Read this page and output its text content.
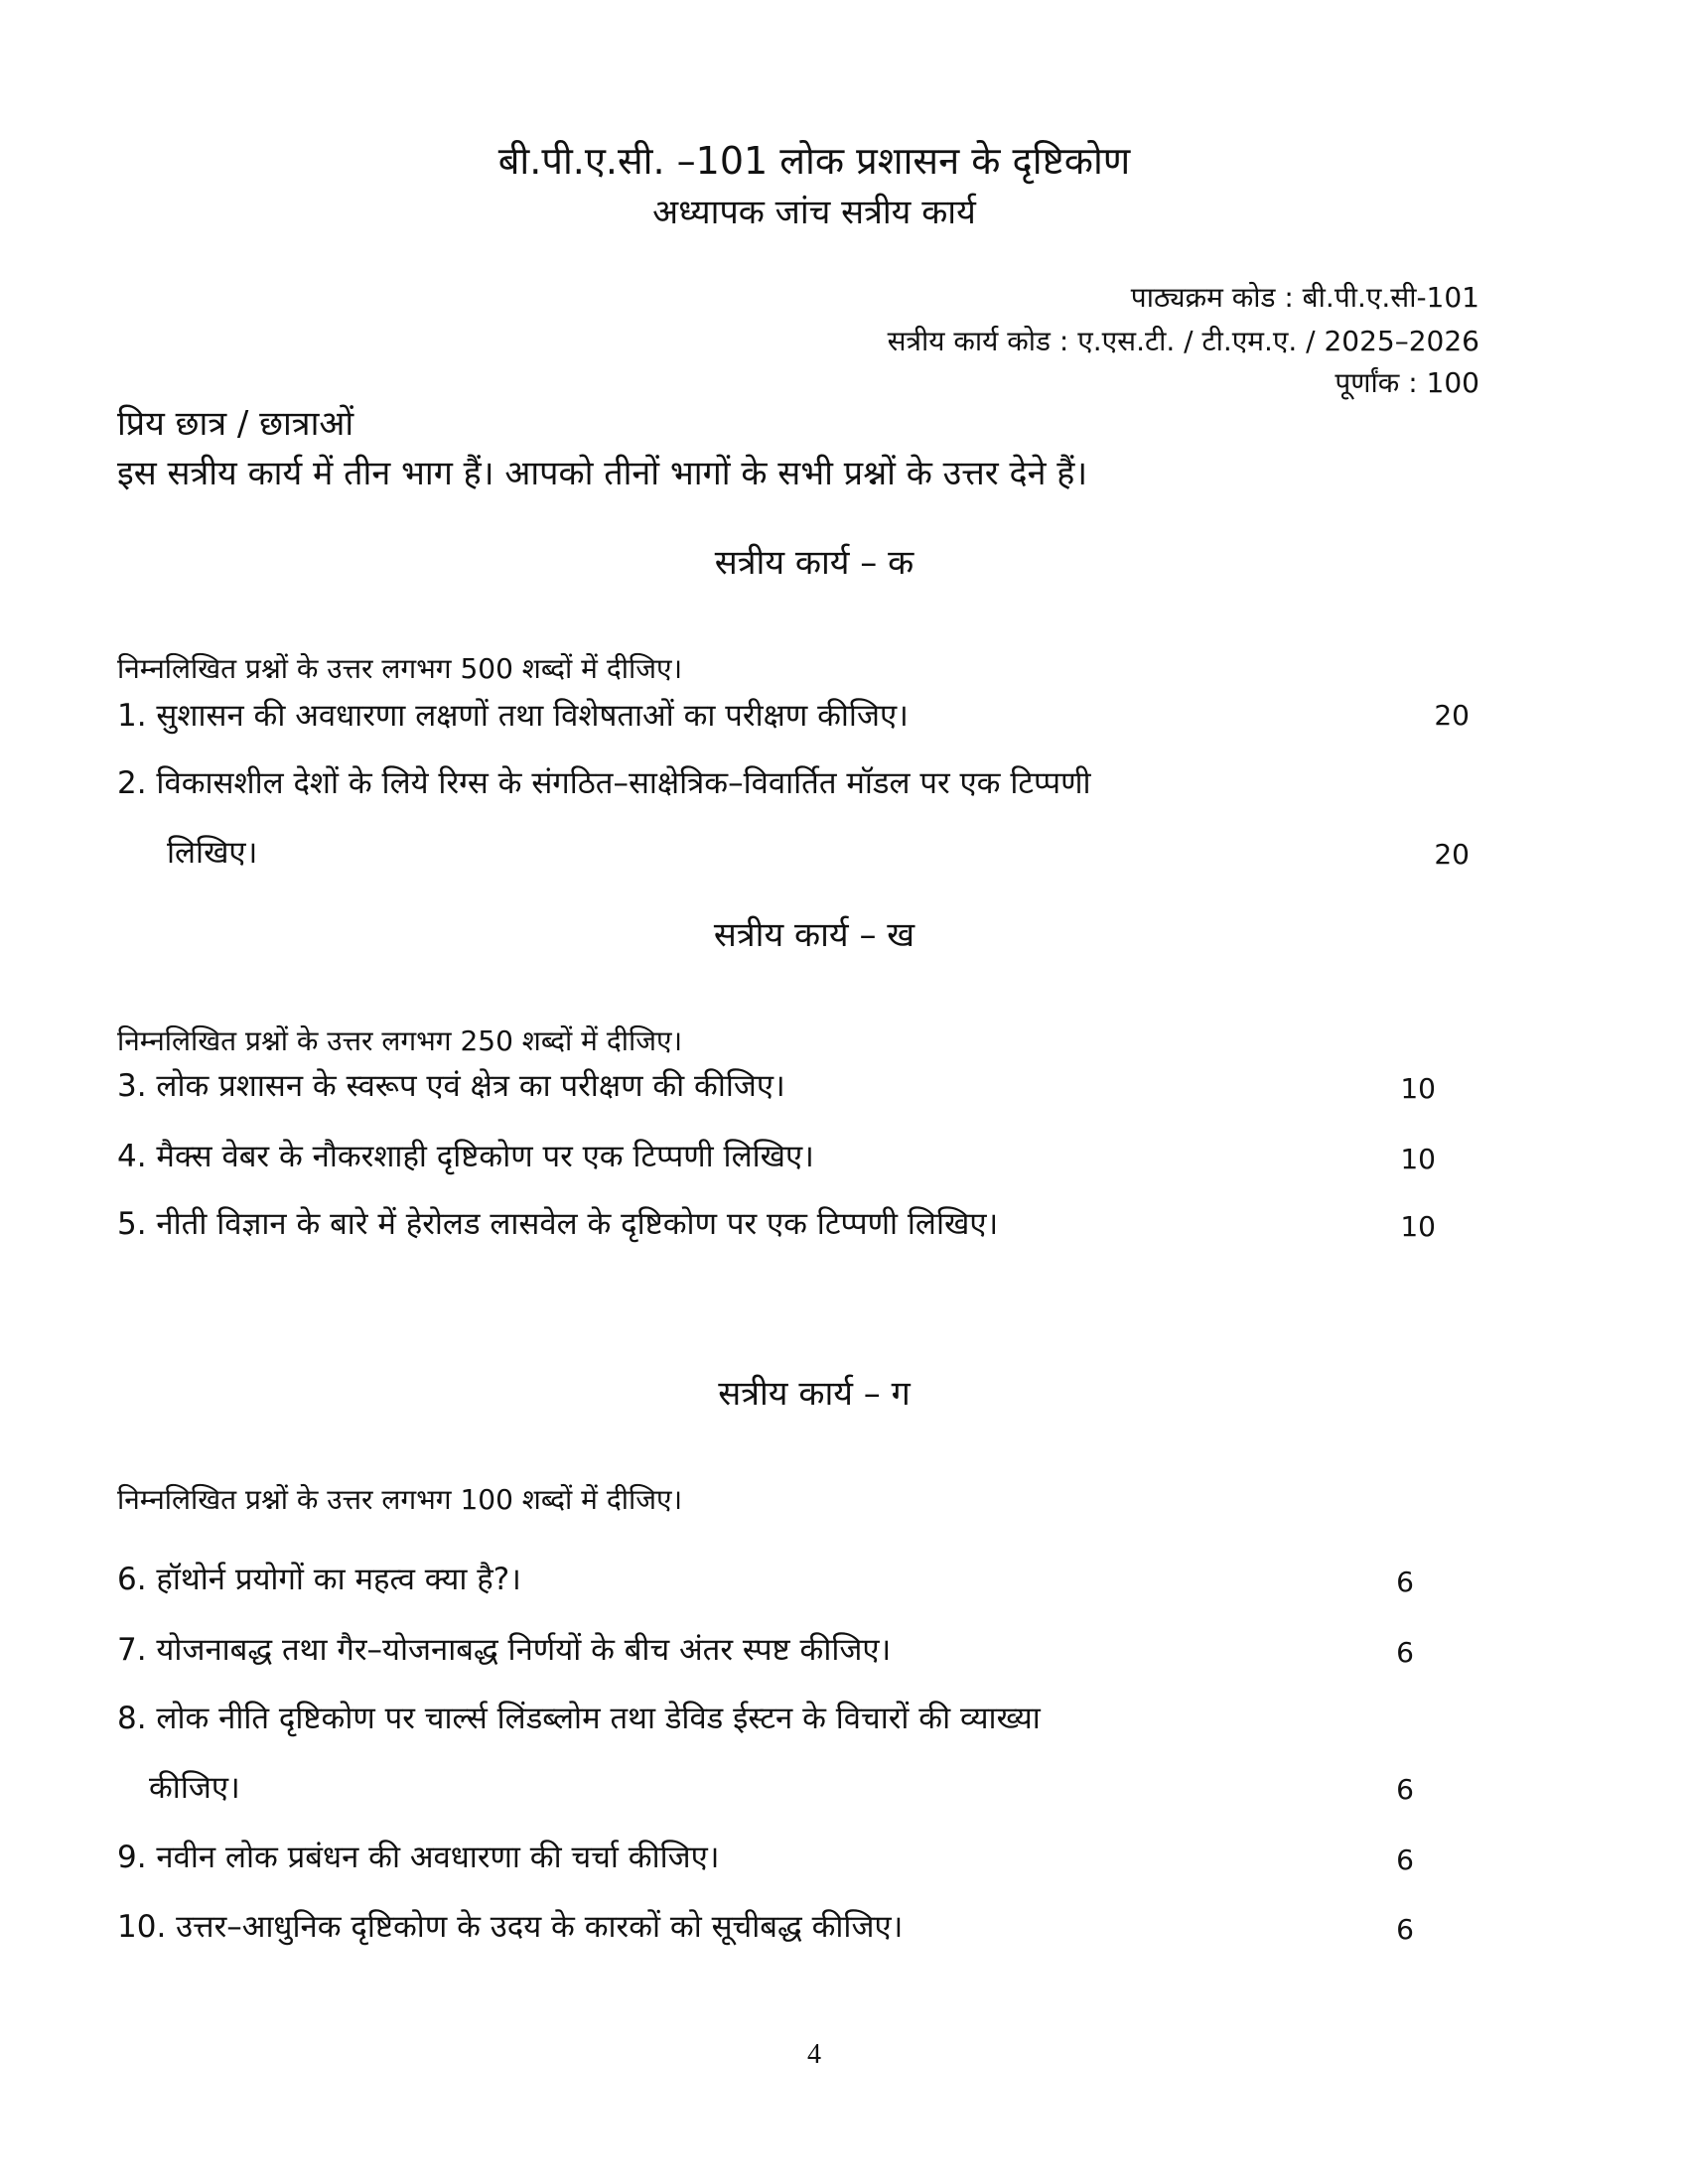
बी.पी.ए.सी. –101 लोक प्रशासन के दृष्टिकोण
अध्यापक जांच सत्रीय कार्य
पाठ्यक्रम कोड : बी.पी.ए.सी-101
सत्रीय कार्य कोड : ए.एस.टी. / टी.एम.ए. / 2025–2026
पूर्णांक : 100
प्रिय छात्र / छात्राओं
इस सत्रीय कार्य में तीन भाग हैं। आपको तीनों भागों के सभी प्रश्नों के उत्तर देने हैं।
सत्रीय कार्य – क
निम्नलिखित प्रश्नों के उत्तर लगभग 500 शब्दों में दीजिए।
1. सुशासन की अवधारणा लक्षणों तथा विशेषताओं का परीक्षण कीजिए।	20
2. विकासशील देशों के लिये रिग्स के संगठित–साक्षेत्रिक–विवार्तित मॉडल पर एक टिप्पणी
लिखिए।	20
सत्रीय कार्य – ख
निम्नलिखित प्रश्नों के उत्तर लगभग 250 शब्दों में दीजिए।
3. लोक प्रशासन के स्वरूप एवं क्षेत्र का परीक्षण की कीजिए।	10
4. मैक्स वेबर के नौकरशाही दृष्टिकोण पर एक टिप्पणी लिखिए।	10
5. नीती विज्ञान के बारे में हेरोलड लासवेल के दृष्टिकोण पर एक टिप्पणी लिखिए।	10
सत्रीय कार्य – ग
निम्नलिखित प्रश्नों के उत्तर लगभग 100 शब्दों में दीजिए।
6. हॉथोर्न प्रयोगों का महत्व क्या है?।	6
7. योजनाबद्ध तथा गैर–योजनाबद्ध निर्णयों के बीच अंतर स्पष्ट कीजिए।	6
8. लोक नीति दृष्टिकोण पर चार्ल्स लिंडब्लोम तथा डेविड ईस्टन के विचारों की व्याख्या
कीजिए।	6
9. नवीन लोक प्रबंधन की अवधारणा की चर्चा कीजिए।	6
10. उत्तर–आधुनिक दृष्टिकोण के उदय के कारकों को सूचीबद्ध कीजिए।	6
4
